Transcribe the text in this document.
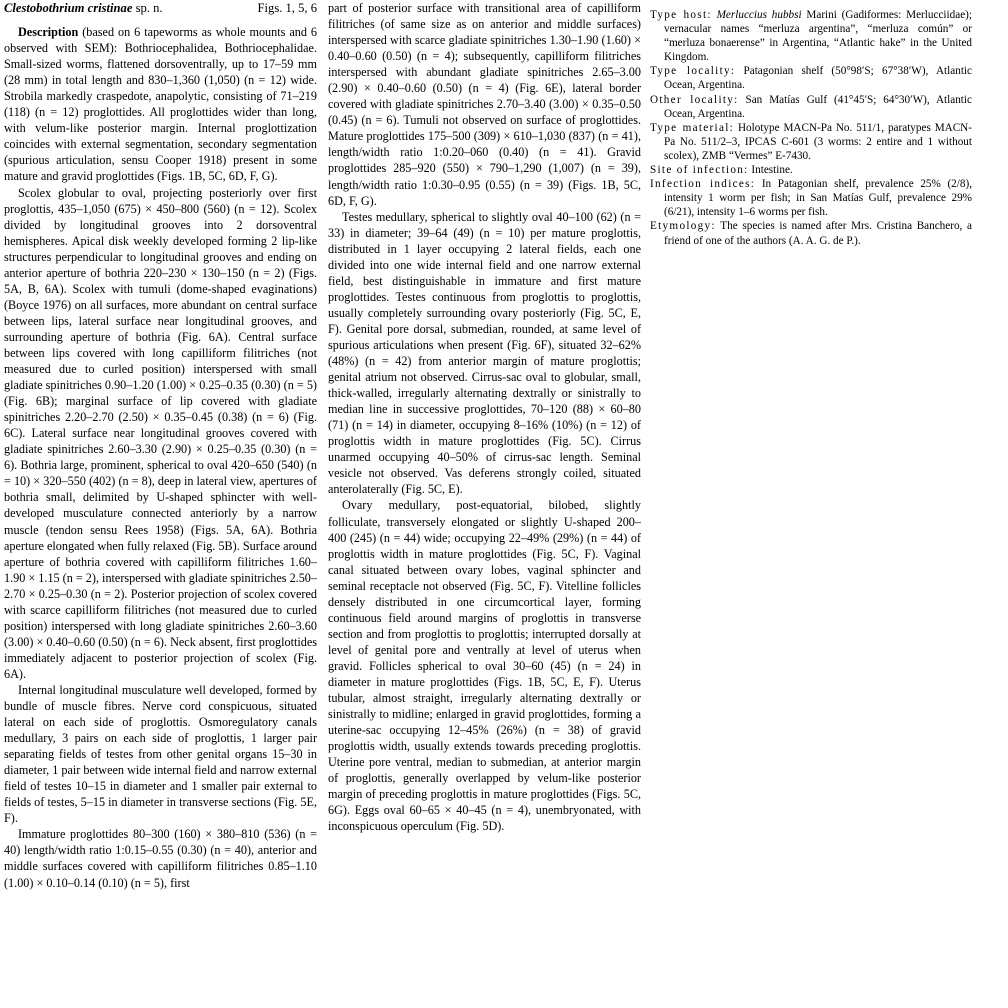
Clestobothrium cristinae sp. n.	Figs. 1, 5, 6

Description (based on 6 tapeworms as whole mounts and 6 observed with SEM): Bothriocephalidea, Bothriocephalidae. Small-sized worms, flattened dorsoventrally, up to 17–59 mm (28 mm) in total length and 830–1,360 (1,050) (n = 12) wide. Strobila markedly craspedote, anapolytic, consisting of 71–219 (118) (n = 12) proglottides. All proglottides wider than long, with velum-like posterior margin. Internal proglottization coincides with external segmentation, secondary segmentation (spurious articulation, sensu Cooper 1918) present in some mature and gravid proglottides (Figs. 1B, 5C, 6D, F, G).

Scolex globular to oval, projecting posteriorly over first proglottis, 435–1,050 (675) × 450–800 (560) (n = 12). Scolex divided by longitudinal grooves into 2 dorsoventral hemispheres. Apical disk weekly developed forming 2 lip-like structures perpendicular to longitudinal grooves and ending on anterior aperture of bothria 220–230 × 130–150 (n = 2) (Figs. 5A, B, 6A). Scolex with tumuli (dome-shaped evaginations) (Boyce 1976) on all surfaces, more abundant on central surface between lips, lateral surface near longitudinal grooves, and surrounding aperture of bothria (Fig. 6A). Central surface between lips covered with long capilliform filitriches (not measured due to curled position) interspersed with small gladiate spinitriches 0.90–1.20 (1.00) × 0.25–0.35 (0.30) (n = 5) (Fig. 6B); marginal surface of lip covered with gladiate spinitriches 2.20–2.70 (2.50) × 0.35–0.45 (0.38) (n = 6) (Fig. 6C). Lateral surface near longitudinal grooves covered with gladiate spinitriches 2.60–3.30 (2.90) × 0.25–0.35 (0.30) (n = 6). Bothria large, prominent, spherical to oval 420–650 (540) (n = 10) × 320–550 (402) (n = 8), deep in lateral view, apertures of bothria small, delimited by U-shaped sphincter with well-developed musculature connected anteriorly by a narrow muscle (tendon sensu Rees 1958) (Figs. 5A, 6A). Bothria aperture elongated when fully relaxed (Fig. 5B). Surface around aperture of bothria covered with capilliform filitriches 1.60–1.90 × 1.15 (n = 2), interspersed with gladiate spinitriches 2.50–2.70 × 0.25–0.30 (n = 2). Posterior projection of scolex covered with scarce capilliform filitriches (not measured due to curled position) interspersed with long gladiate spinitriches 2.60–3.60 (3.00) × 0.40–0.60 (0.50) (n = 6). Neck absent, first proglottides immediately adjacent to posterior projection of scolex (Fig. 6A).

Internal longitudinal musculature well developed, formed by bundle of muscle fibres. Nerve cord conspicuous, situated lateral on each side of proglottis. Osmoregulatory canals medullary, 3 pairs on each side of proglottis, 1 larger pair separating fields of testes from other genital organs 15–30 in diameter, 1 pair between wide internal field and narrow external field of testes 10–15 in diameter and 1 smaller pair external to fields of testes, 5–15 in diameter in transverse sections (Fig. 5E, F).

Immature proglottides 80–300 (160) × 380–810 (536) (n = 40) length/width ratio 1:0.15–0.55 (0.30) (n = 40), anterior and middle surfaces covered with capilliform filitriches 0.85–1.10 (1.00) × 0.10–0.14 (0.10) (n = 5), first

part of posterior surface with transitional area of capilliform filitriches (of same size as on anterior and middle surfaces) interspersed with scarce gladiate spinitriches 1.30–1.90 (1.60) × 0.40–0.60 (0.50) (n = 4); subsequently, capilliform filitriches interspersed with abundant gladiate spinitriches 2.65–3.00 (2.90) × 0.40–0.60 (0.50) (n = 4) (Fig. 6E), lateral border covered with gladiate spinitriches 2.70–3.40 (3.00) × 0.35–0.50 (0.45) (n = 6). Tumuli not observed on surface of proglottides. Mature proglottides 175–500 (309) × 610–1,030 (837) (n = 41), length/width ratio 1:0.20–060 (0.40) (n = 41). Gravid proglottides 285–920 (550) × 790–1,290 (1,007) (n = 39), length/width ratio 1:0.30–0.95 (0.55) (n = 39) (Figs. 1B, 5C, 6D, F, G).

Testes medullary, spherical to slightly oval 40–100 (62) (n = 33) in diameter; 39–64 (49) (n = 10) per mature proglottis, distributed in 1 layer occupying 2 lateral fields, each one divided into one wide internal field and one narrow external field, best distinguishable in immature and first mature proglottides. Testes continuous from proglottis to proglottis, usually completely surrounding ovary posteriorly (Fig. 5C, E, F). Genital pore dorsal, submedian, rounded, at same level of spurious articulations when present (Fig. 6F), situated 32–62% (48%) (n = 42) from anterior margin of mature proglottis; genital atrium not observed. Cirrus-sac oval to globular, small, thick-walled, irregularly alternating dextrally or sinistrally to median line in successive proglottides, 70–120 (88) × 60–80 (71) (n = 14) in diameter, occupying 8–16% (10%) (n = 12) of proglottis width in mature proglottides (Fig. 5C). Cirrus unarmed occupying 40–50% of cirrus-sac length. Seminal vesicle not observed. Vas deferens strongly coiled, situated anterolaterally (Fig. 5C, E).

Ovary medullary, post-equatorial, bilobed, slightly folliculate, transversely elongated or slightly U-shaped 200–400 (245) (n = 44) wide; occupying 22–49% (29%) (n = 44) of proglottis width in mature proglottides (Fig. 5C, F). Vaginal canal situated between ovary lobes, vaginal sphincter and seminal receptacle not observed (Fig. 5C, F). Vitelline follicles densely distributed in one circumcortical layer, forming continuous field around margins of proglottis in transverse section and from proglottis to proglottis; interrupted dorsally at level of genital pore and ventrally at level of uterus when gravid. Follicles spherical to oval 30–60 (45) (n = 24) in diameter in mature proglottides (Figs. 1B, 5C, E, F). Uterus tubular, almost straight, irregularly alternating dextrally or sinistrally to midline; enlarged in gravid proglottides, forming a uterine-sac occupying 12–45% (26%) (n = 38) of gravid proglottis width, usually extends towards preceding proglottis. Uterine pore ventral, median to submedian, at anterior margin of proglottis, generally overlapped by velum-like posterior margin of preceding proglottis in mature proglottides (Figs. 5C, 6G). Eggs oval 60–65 × 40–45 (n = 4), unembryonated, with inconspicuous operculum (Fig. 5D).

Type host: Merluccius hubbsi Marini (Gadiformes: Merlucciidae); vernacular names “merluza argentina”, “merluza común” or “merluza bonaerense” in Argentina, “Atlantic hake” in the United Kingdom.

Type locality: Patagonian shelf (50°98′S; 67°38′W), Atlantic Ocean, Argentina.

Other locality: San Matías Gulf (41°45′S; 64°30′W), Atlantic Ocean, Argentina.

Type material: Holotype MACN-Pa No. 511/1, paratypes MACN-Pa No. 511/2–3, IPCAS C-601 (3 worms: 2 entire and 1 without scolex), ZMB “Vermes” E-7430.

Site of infection: Intestine.

Infection indices: In Patagonian shelf, prevalence 25% (2/8), intensity 1 worm per fish; in San Matías Gulf, prevalence 29% (6/21), intensity 1–6 worms per fish.

Etymology: The species is named after Mrs. Cristina Banchero, a friend of one of the authors (A. A. G. de P.).
